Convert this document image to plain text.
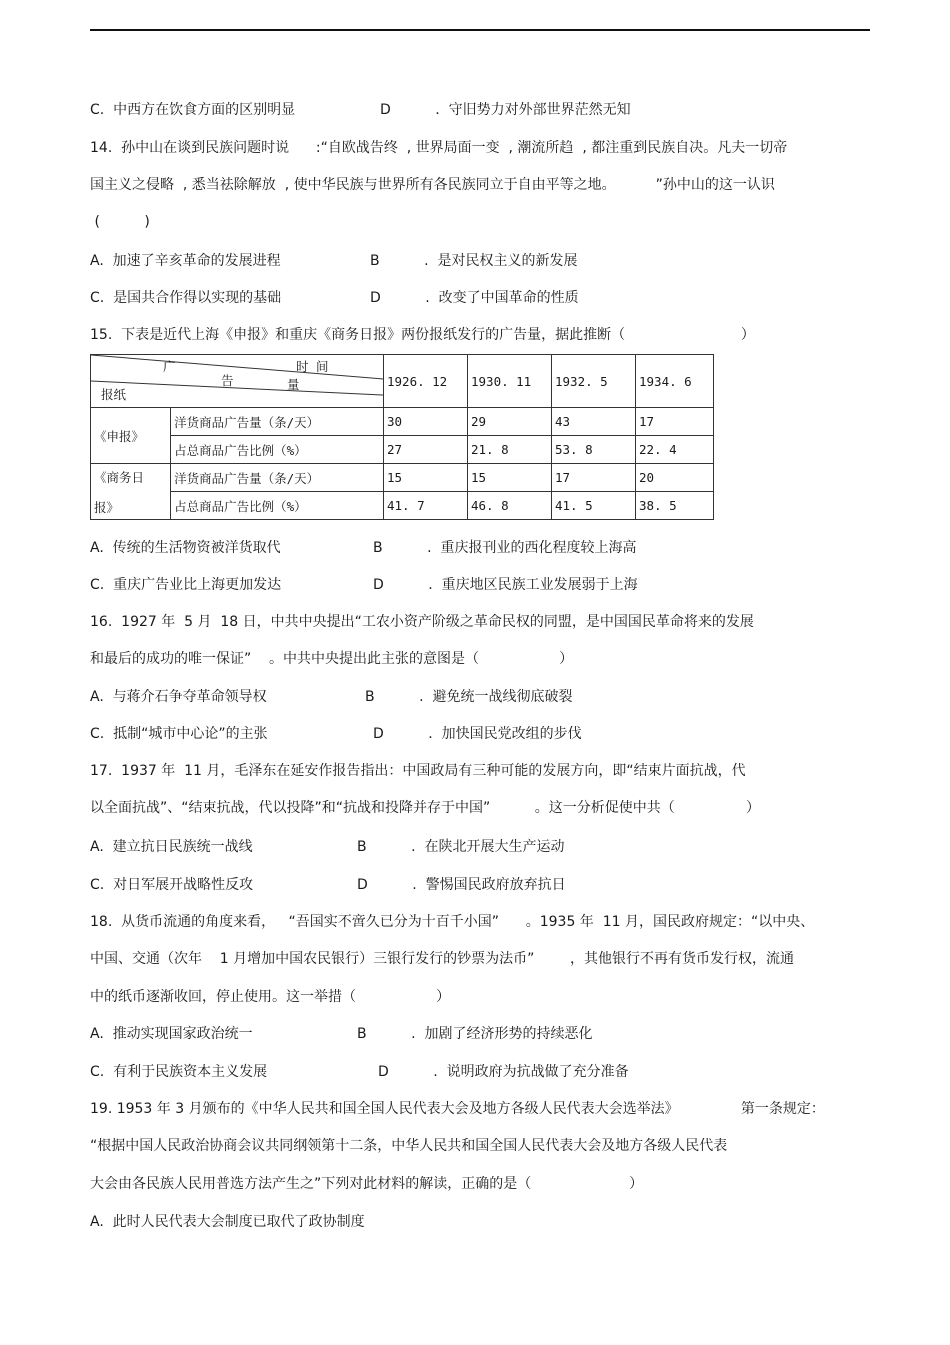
C.  中西方在饮食方面的区别明显	D          .  守旧势力对外部世界茫然无知
14.  孙中山在谈到民族问题时说      :“自欧战告终  , 世界局面一变  , 潮流所趋  , 都注重到民族自决。凡夫一切帝
国主义之侵略  , 悉当祛除解放  , 使中华民族与世界所有各民族同立于自由平等之地。         ”孙中山的这一认识
(          )
A.  加速了辛亥革命的发展进程	B          .  是对民权主义的新发展
C.  是国共合作得以实现的基础	D          .  改变了中国革命的性质
15.  下表是近代上海《申报》和重庆《商务日报》两份报纸发行的广告量，据此推断（                          ）
广 时 间
告 量
报纸		1926. 12	1930. 11	1932. 5	1934. 6
《申报》	洋货商品广告量（条/天）	30	29	43	17
	占总商品广告比例（%）	27	21. 8	53. 8	22. 4

《商务日
报》	洋货商品广告量（条/天）	15	15	17	20
	占总商品广告比例（%）	41. 7	46. 8	41. 5	38. 5
A.  传统的生活物资被洋货取代	B          .  重庆报刊业的西化程度较上海高
C.  重庆广告业比上海更加发达	D          .  重庆地区民族工业发展弱于上海
16.  1927 年  5 月  18 日，中共中央提出“工农小资产阶级之革命民权的同盟，是中国国民革命将来的发展
和最后的成功的唯一保证”    。中共中央提出此主张的意图是（                  ）
A.  与蒋介石争夺革命领导权	B          .  避免统一战线彻底破裂
C.  抵制“城市中心论”的主张	D          .  加快国民党改组的步伐
17.  1937 年  11 月，毛泽东在延安作报告指出：中国政局有三种可能的发展方向，即“结束片面抗战，代
以全面抗战”、“结束抗战，代以投降”和“抗战和投降并存于中国”          。这一分析促使中共（                ）
A.  建立抗日民族统一战线	B          .  在陕北开展大生产运动
C.  对日军展开战略性反攻	D          .  警惕国民政府放弃抗日
18.  从货币流通的角度来看，   “吾国实不啻久已分为十百千小国”      。1935 年  11 月，国民政府规定：“以中央、
中国、交通（次年    1 月增加中国农民银行）三银行发行的钞票为法币”        ，其他银行不再有货币发行权，流通
中的纸币逐渐收回，停止使用。这一举措（                  ）
A.  推动实现国家政治统一	B          .  加剧了经济形势的持续恶化
C.  有利于民族资本主义发展	D          .  说明政府为抗战做了充分准备
19. 1953 年 3 月颁布的《中华人民共和国全国人民代表大会及地方各级人民代表大会选举法》              第一条规定：
“根据中国人民政治协商会议共同纲领第十二条，中华人民共和国全国人民代表大会及地方各级人民代表
大会由各民族人民用普选方法产生之”下列对此材料的解读，正确的是（                      ）
A.  此时人民代表大会制度已取代了政协制度
